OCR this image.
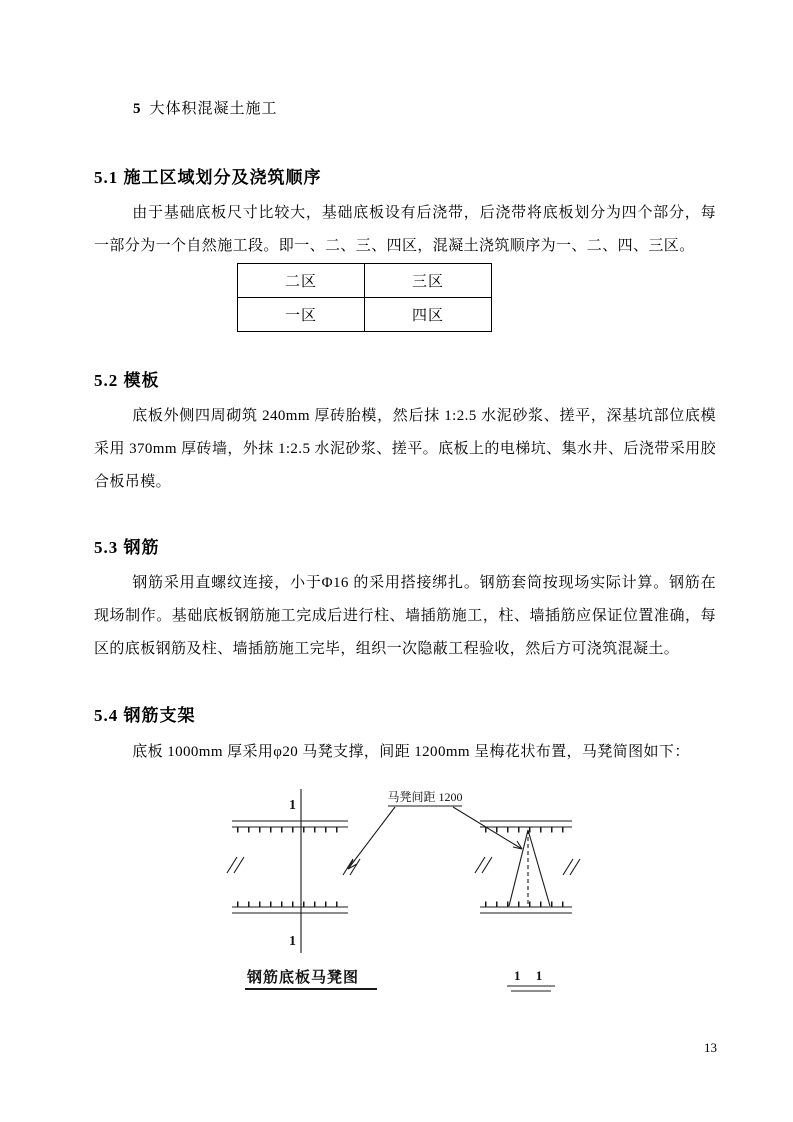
5 大体积混凝土施工
5.1 施工区域划分及浇筑顺序

由于基础底板尺寸比较大，基础底板设有后浇带，后浇带将底板划分为四个部分，每一部分为一个自然施工段。即一、二、三、四区，混凝土浇筑顺序为一、二、四、三区。

二区	三区
一区	四区
5.2 模板

底板外侧四周砌筑 240mm 厚砖胎模，然后抹 1:2.5 水泥砂浆、搓平，深基坑部位底模采用 370mm 厚砖墙，外抹 1:2.5 水泥砂浆、搓平。底板上的电梯坑、集水井、后浇带采用胶合板吊模。

5.3 钢筋

钢筋采用直螺纹连接，小于Φ16 的采用搭接绑扎。钢筋套筒按现场实际计算。钢筋在现场制作。基础底板钢筋施工完成后进行柱、墙插筋施工，柱、墙插筋应保证位置准确，每区的底板钢筋及柱、墙插筋施工完毕，组织一次隐蔽工程验收，然后方可浇筑混凝土。

5.4 钢筋支架

底板 1000mm 厚采用φ20 马凳支撑，间距 1200mm 呈梅花状布置，马凳简图如下：

1
1
马凳间距 1200
钢筋底板马凳图	1 1
13
